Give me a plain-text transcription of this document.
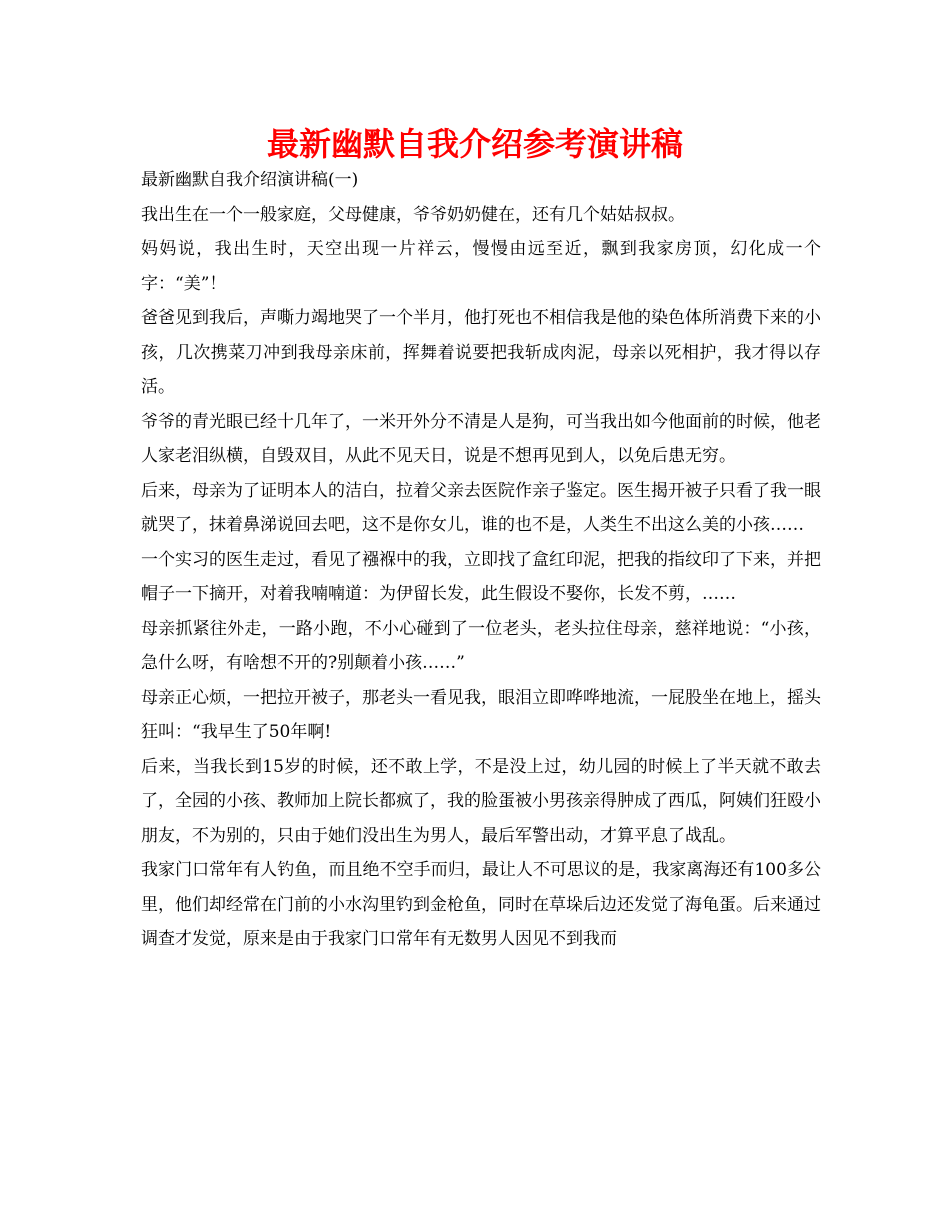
最新幽默自我介绍参考演讲稿

最新幽默自我介绍演讲稿(一)

我出生在一个一般家庭，父母健康，爷爷奶奶健在，还有几个姑姑叔叔。

妈妈说，我出生时，天空出现一片祥云，慢慢由远至近，飘到我家房顶，幻化成一个字：“美”！

爸爸见到我后，声嘶力竭地哭了一个半月，他打死也不相信我是他的染色体所消费下来的小孩，几次携菜刀冲到我母亲床前，挥舞着说要把我斩成肉泥，母亲以死相护，我才得以存活。

爷爷的青光眼已经十几年了，一米开外分不清是人是狗，可当我出如今他面前的时候，他老人家老泪纵横，自毁双目，从此不见天日，说是不想再见到人，以免后患无穷。

后来，母亲为了证明本人的洁白，拉着父亲去医院作亲子鉴定。医生揭开被子只看了我一眼就哭了，抹着鼻涕说回去吧，这不是你女儿，谁的也不是，人类生不出这么美的小孩……

一个实习的医生走过，看见了襁褓中的我，立即找了盒红印泥，把我的指纹印了下来，并把帽子一下摘开，对着我喃喃道：为伊留长发，此生假设不娶你，长发不剪，……

母亲抓紧往外走，一路小跑，不小心碰到了一位老头，老头拉住母亲，慈祥地说：“小孩，急什么呀，有啥想不开的?别颠着小孩……”

母亲正心烦，一把拉开被子，那老头一看见我，眼泪立即哗哗地流，一屁股坐在地上，摇头狂叫：“我早生了50年啊!

后来，当我长到15岁的时候，还不敢上学，不是没上过，幼儿园的时候上了半天就不敢去了，全园的小孩、教师加上院长都疯了，我的脸蛋被小男孩亲得肿成了西瓜，阿姨们狂殴小朋友，不为别的，只由于她们没出生为男人，最后军警出动，才算平息了战乱。

我家门口常年有人钓鱼，而且绝不空手而归，最让人不可思议的是，我家离海还有100多公里，他们却经常在门前的小水沟里钓到金枪鱼，同时在草垛后边还发觉了海龟蛋。后来通过调查才发觉，原来是由于我家门口常年有无数男人因见不到我而
